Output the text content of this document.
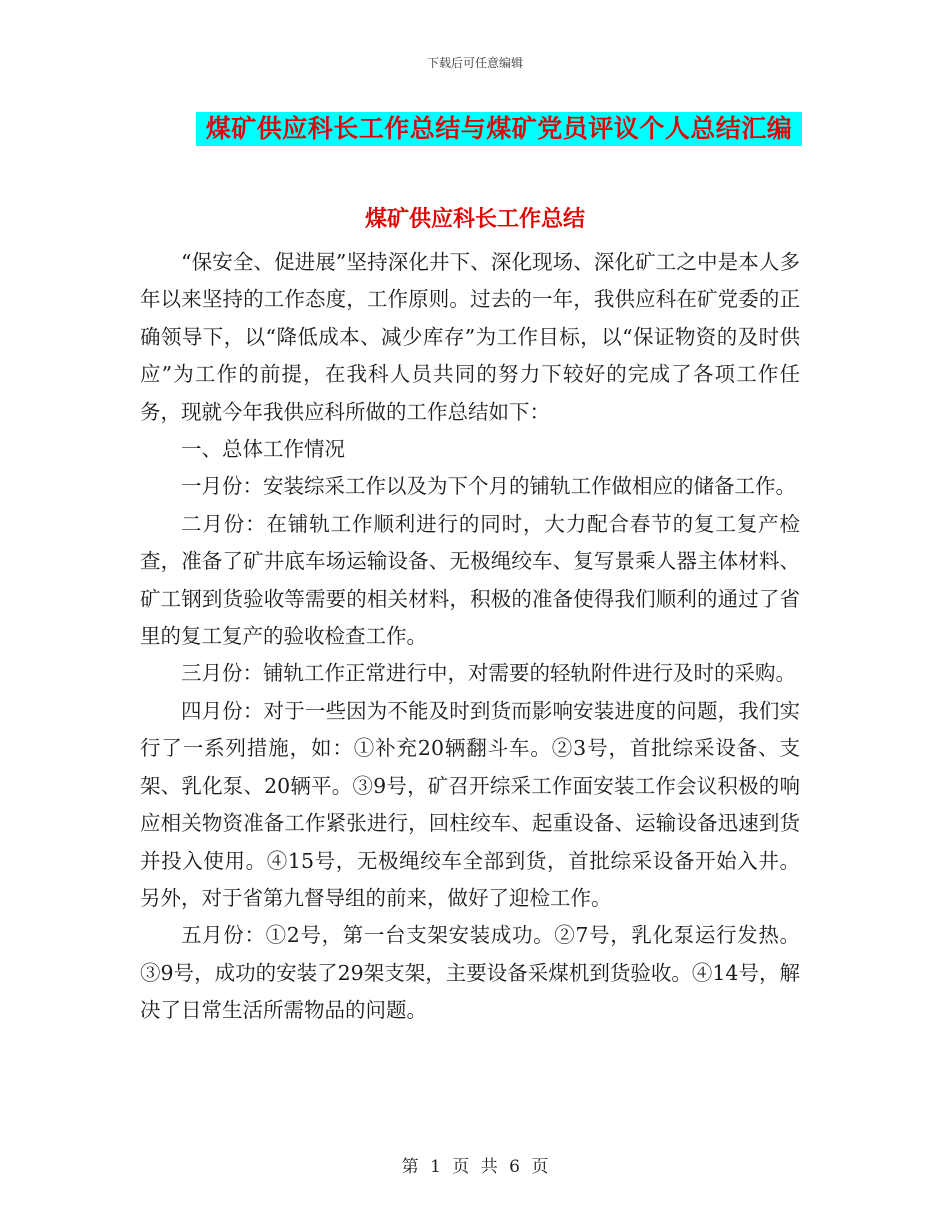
下载后可任意编辑
煤矿供应科长工作总结与煤矿党员评议个人总结汇编
煤矿供应科长工作总结

“保安全、促进展”坚持深化井下、深化现场、深化矿工之中是本人多年以来坚持的工作态度，工作原则。过去的一年，我供应科在矿党委的正确领导下，以“降低成本、减少库存”为工作目标，以“保证物资的及时供应”为工作的前提，在我科人员共同的努力下较好的完成了各项工作任务，现就今年我供应科所做的工作总结如下：

一、总体工作情况

一月份：安装综采工作以及为下个月的铺轨工作做相应的储备工作。

二月份：在铺轨工作顺利进行的同时，大力配合春节的复工复产检查，准备了矿井底车场运输设备、无极绳绞车、复写景乘人器主体材料、矿工钢到货验收等需要的相关材料，积极的准备使得我们顺利的通过了省里的复工复产的验收检查工作。

三月份：铺轨工作正常进行中，对需要的轻轨附件进行及时的采购。

四月份：对于一些因为不能及时到货而影响安装进度的问题，我们实行了一系列措施，如：①补充20辆翻斗车。②3号，首批综采设备、支架、乳化泵、20辆平。③9号，矿召开综采工作面安装工作会议积极的响应相关物资准备工作紧张进行，回柱绞车、起重设备、运输设备迅速到货并投入使用。④15号，无极绳绞车全部到货，首批综采设备开始入井。另外，对于省第九督导组的前来，做好了迎检工作。

五月份：①2号，第一台支架安装成功。②7号，乳化泵运行发热。③9号，成功的安装了29架支架，主要设备采煤机到货验收。④14号，解决了日常生活所需物品的问题。

第 1 页 共 6 页
